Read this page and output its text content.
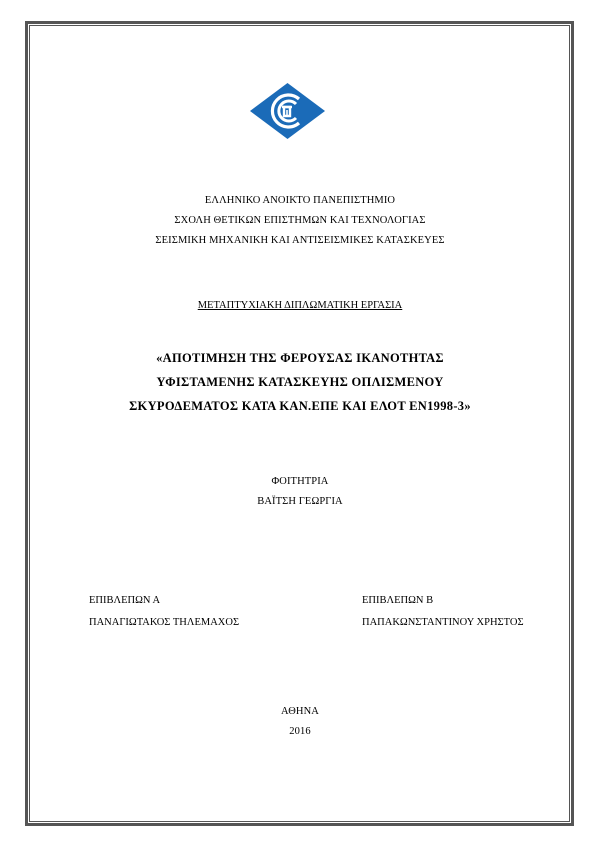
ΕΛΛΗΝΙΚΟ ΑΝΟΙΚΤΟ ΠΑΝΕΠΙΣΤΗΜΙΟ
ΣΧΟΛΗ ΘΕΤΙΚΩΝ ΕΠΙΣΤΗΜΩΝ ΚΑΙ ΤΕΧΝΟΛΟΓΙΑΣ
ΣΕΙΣΜΙΚΗ ΜΗΧΑΝΙΚΗ ΚΑΙ ΑΝΤΙΣΕΙΣΜΙΚΕΣ ΚΑΤΑΣΚΕΥΕΣ
ΜΕΤΑΠΤΥΧΙΑΚΗ ΔΙΠΛΩΜΑΤΙΚΗ ΕΡΓΑΣΙΑ
«ΑΠΟΤΙΜΗΣΗ ΤΗΣ ΦΕΡΟΥΣΑΣ ΙΚΑΝΟΤΗΤΑΣ
ΥΦΙΣΤΑΜΕΝΗΣ ΚΑΤΑΣΚΕΥΗΣ ΟΠΛΙΣΜΕΝΟΥ
ΣΚΥΡΟΔΕΜΑΤΟΣ ΚΑΤΑ ΚΑΝ.ΕΠΕ ΚΑΙ ΕΛΟΤ ΕΝ1998-3»
ΦΟΙΤΗΤΡΙΑ
ΒΑΪΤΣΗ ΓΕΩΡΓΙΑ
ΕΠΙΒΛΕΠΩΝ Α
ΠΑΝΑΓΙΩΤΑΚΟΣ ΤΗΛΕΜΑΧΟΣ
ΕΠΙΒΛΕΠΩΝ Β
ΠΑΠΑΚΩΝΣΤΑΝΤΙΝΟΥ ΧΡΗΣΤΟΣ
ΑΘΗΝΑ
2016
